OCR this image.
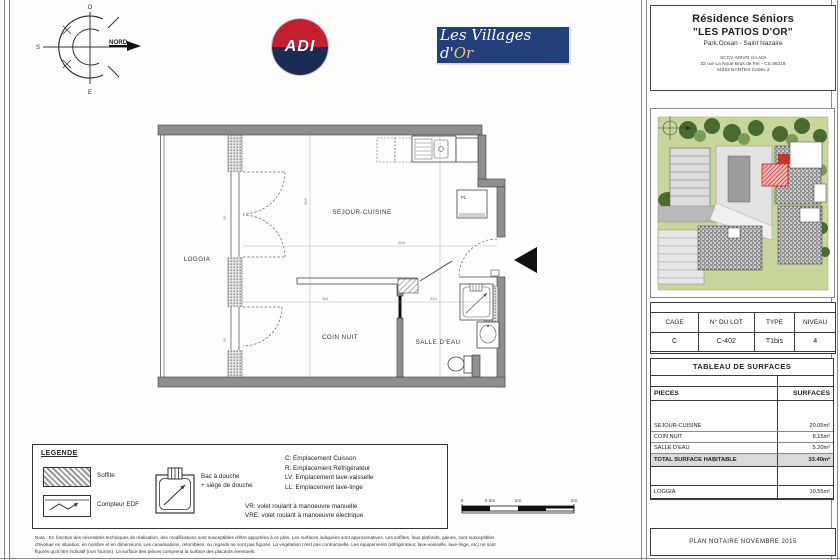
O
S
E
NORD	ADI
Les Villages d'Or
Résidence Séniors
"LES PATIOS D'OR"
Park.Ocean - Saint Nazaire
SCCV ADIVO c/o ADI
32 rue La Noue Bras de Fer - CS 86316
44263 NANTES Cedex 2
PL.
303
403
361	344
VR
VR
LOGGIA
SEJOUR-CUISINE
COIN NUIT
SALLE D'EAU
CAGE	N° DU LOT	TYPE	NIVEAU
C	C-402	T1bis	4
TABLEAU DE SURFACES
PIECES	SURFACES
SEJOUR-CUISINE	20.05m²
COIN NUIT	8.15m²
SALLE D'EAU	5.20m²
TOTAL SURFACE HABITABLE	33.40m²
LOGGIA	10.55m²
PLAN NOTAIRE NOVEMBRE 2015
LEGENDE
Soffite
Compteur EDF
Bac à douche
+ siège de douche
C: Emplacement Cuisson
R: Emplacement Réfrigérateur
LV: Emplacement lave-vaisselle
LL: Emplacement lave-linge
VR: volet roulant à manoeuvre manuelle
VRE: volet roulant à manoeuvre électrique
0	0.5m	1m	2m
Nota : En fonction des nécessités techniques de réalisation, des modifications sont susceptibles d'être apportées à ce plan. Les surfaces indiquées sont approximatives. Les soffites, faux plafonds, gaines, sont susceptibles
d'évoluer en situation, en nombre et en dimensions. Les canalisations, retombées, ou regards ne sont pas figurés. La végétation n'est pas contractuelle. Les équipements (réfrigérateur, lave-vaisselle, lave-linge, etc) ne sont
figurés qu'à titre indicatif (non fournis). La surface des pièces comprend la surface des placards éventuels.
